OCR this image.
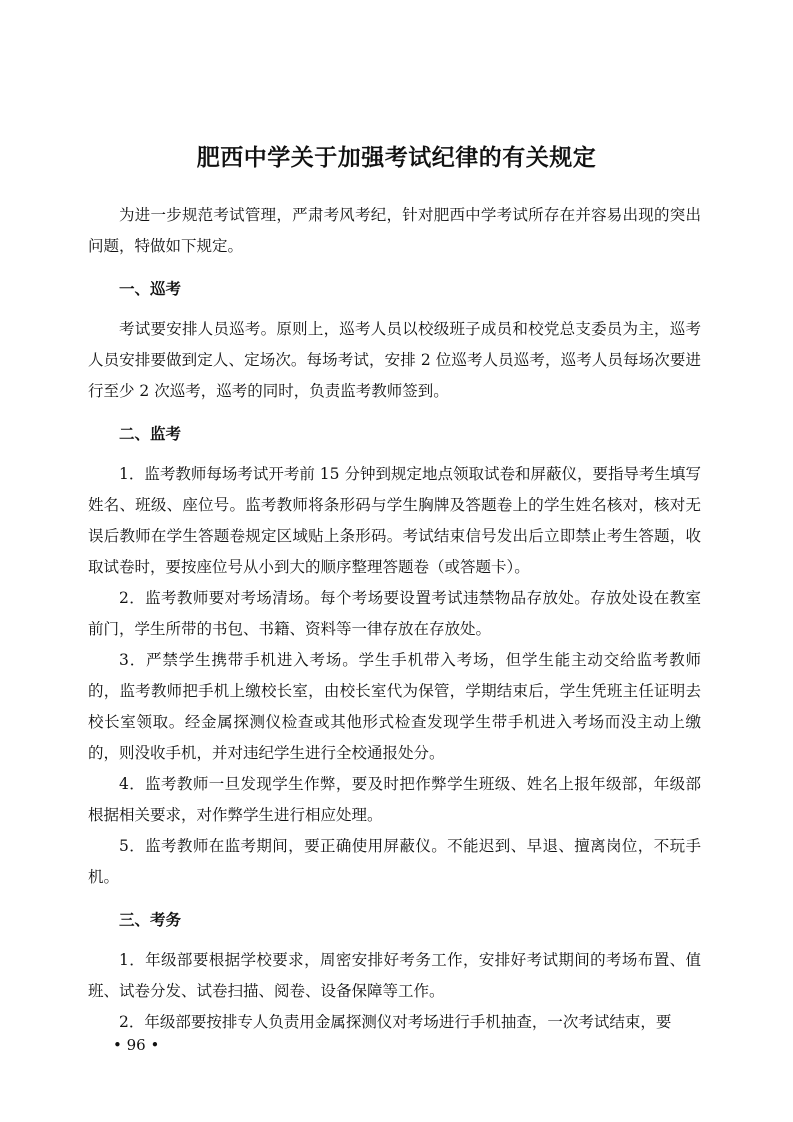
肥西中学关于加强考试纪律的有关规定

为进一步规范考试管理，严肃考风考纪，针对肥西中学考试所存在并容易出现的突出问题，特做如下规定。

一、巡考

考试要安排人员巡考。原则上，巡考人员以校级班子成员和校党总支委员为主，巡考人员安排要做到定人、定场次。每场考试，安排 2 位巡考人员巡考，巡考人员每场次要进行至少 2 次巡考，巡考的同时，负责监考教师签到。

二、监考

1．监考教师每场考试开考前 15 分钟到规定地点领取试卷和屏蔽仪，要指导考生填写姓名、班级、座位号。监考教师将条形码与学生胸牌及答题卷上的学生姓名核对，核对无误后教师在学生答题卷规定区域贴上条形码。考试结束信号发出后立即禁止考生答题，收取试卷时，要按座位号从小到大的顺序整理答题卷（或答题卡）。

2．监考教师要对考场清场。每个考场要设置考试违禁物品存放处。存放处设在教室前门，学生所带的书包、书籍、资料等一律存放在存放处。

3．严禁学生携带手机进入考场。学生手机带入考场，但学生能主动交给监考教师的，监考教师把手机上缴校长室，由校长室代为保管，学期结束后，学生凭班主任证明去校长室领取。经金属探测仪检查或其他形式检查发现学生带手机进入考场而没主动上缴的，则没收手机，并对违纪学生进行全校通报处分。

4．监考教师一旦发现学生作弊，要及时把作弊学生班级、姓名上报年级部，年级部根据相关要求，对作弊学生进行相应处理。

5．监考教师在监考期间，要正确使用屏蔽仪。不能迟到、早退、擅离岗位，不玩手机。

三、考务

1．年级部要根据学校要求，周密安排好考务工作，安排好考试期间的考场布置、值班、试卷分发、试卷扫描、阅卷、设备保障等工作。

2．年级部要按排专人负责用金属探测仪对考场进行手机抽查，一次考试结束，要

• 96 •
